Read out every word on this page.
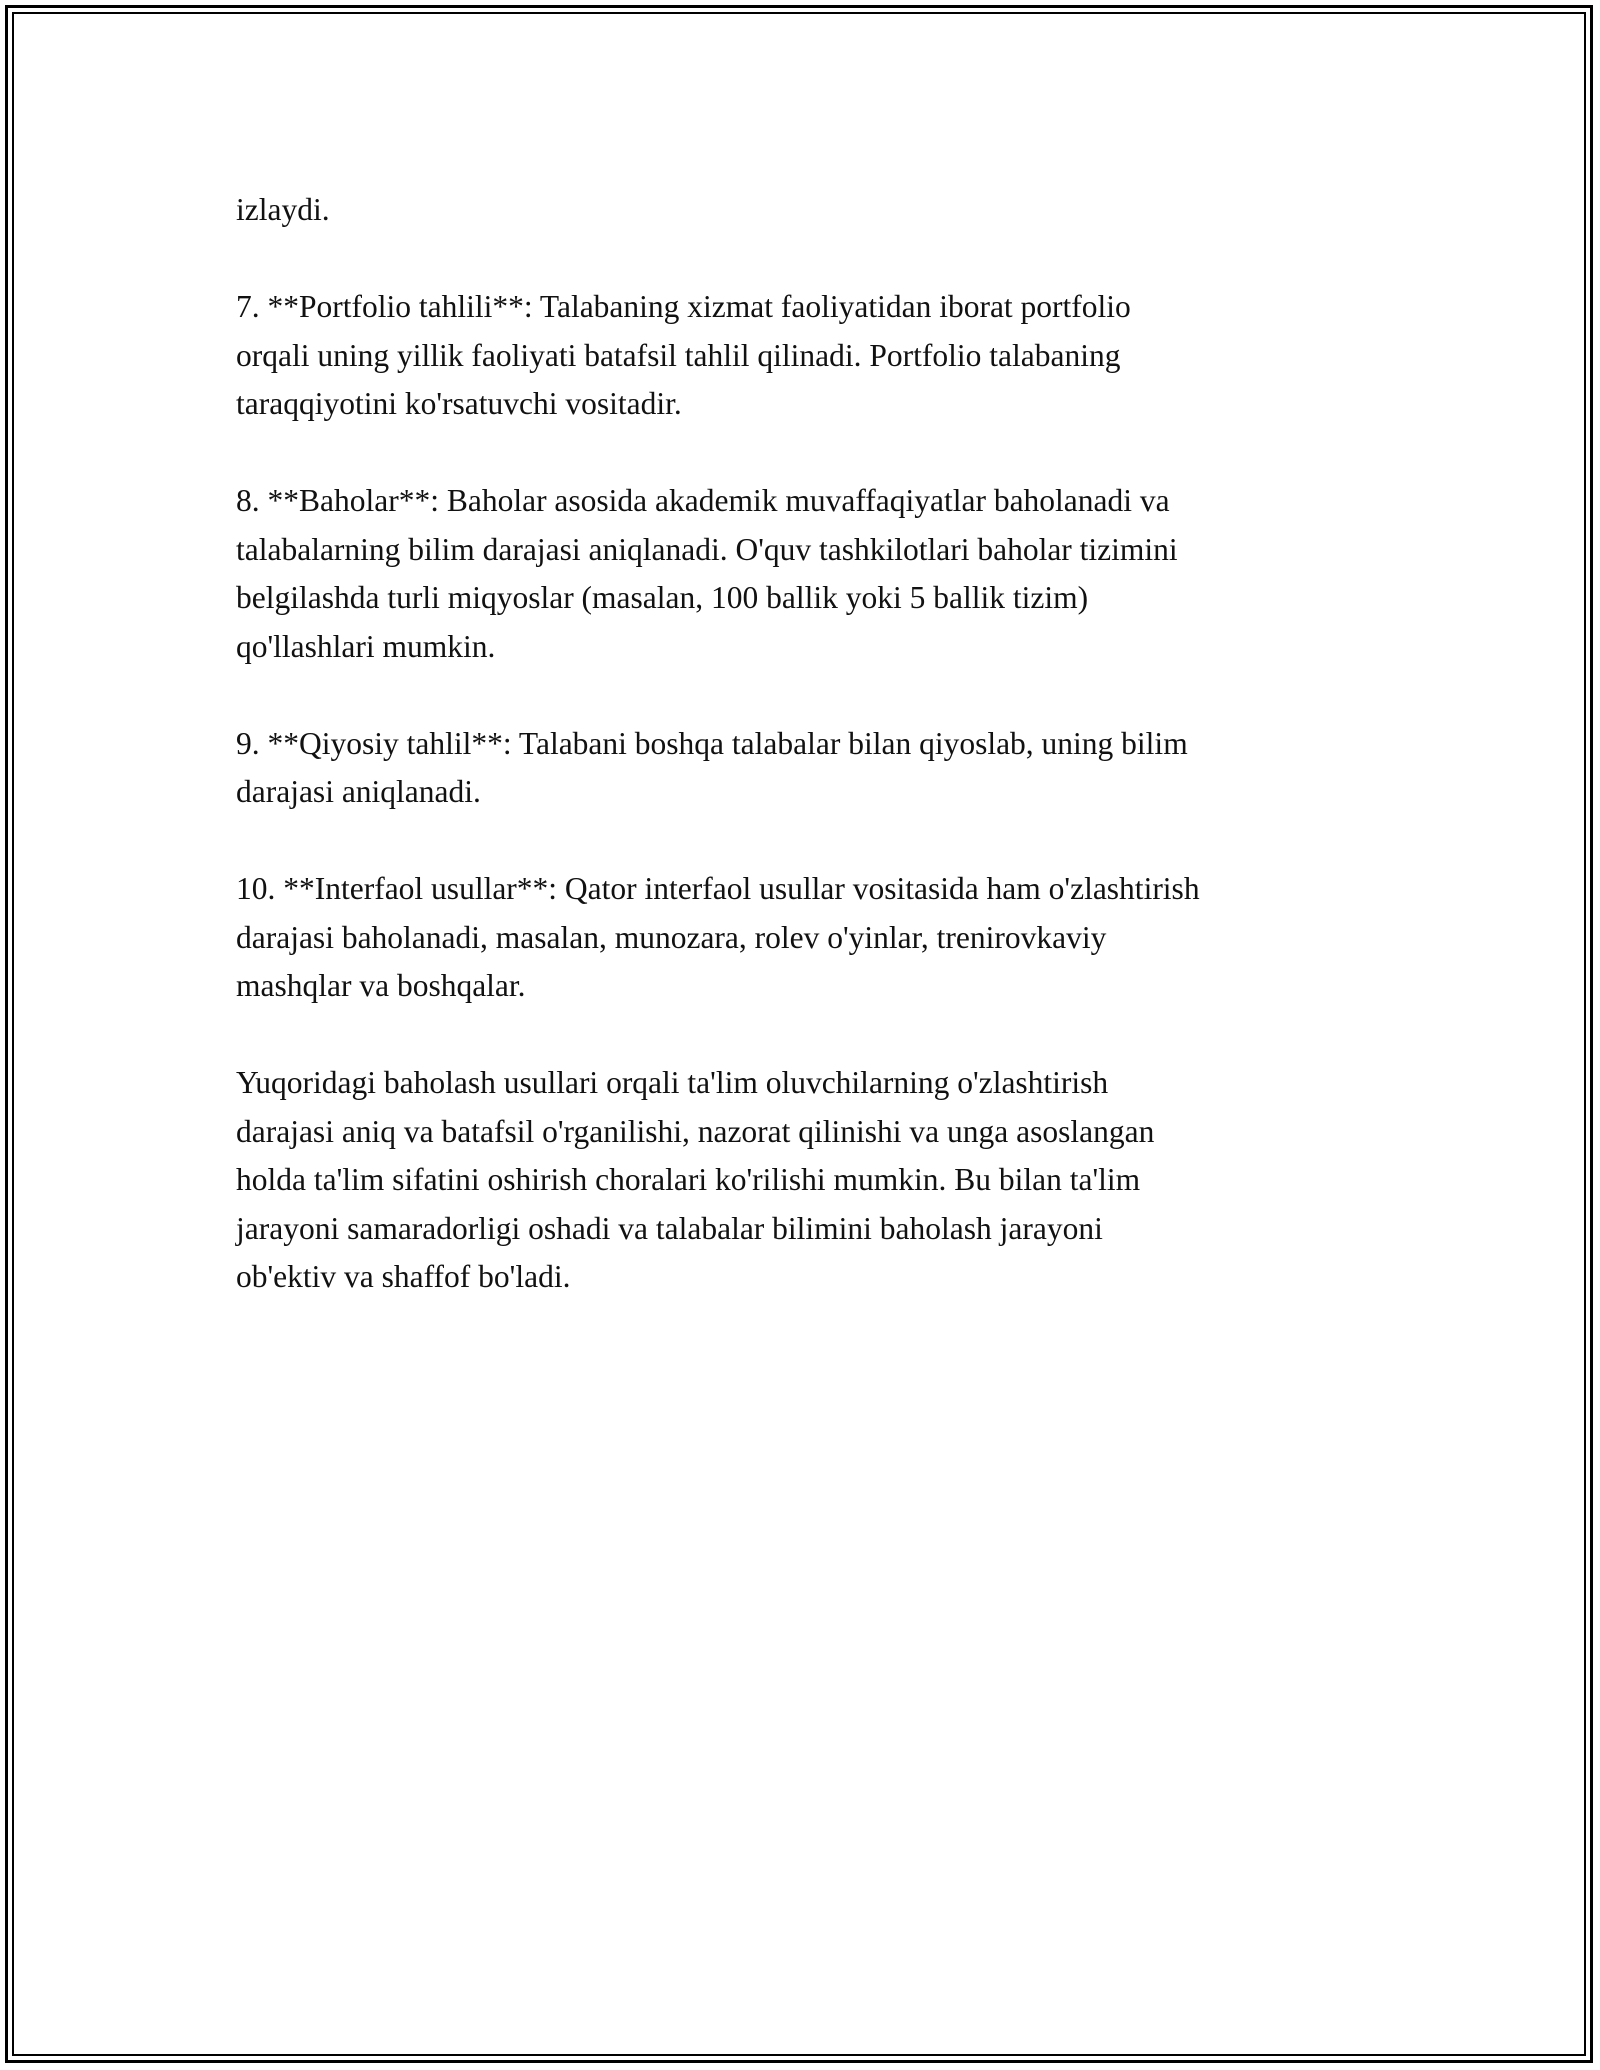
izlaydi.

7. **Portfolio tahlili**: Talabaning xizmat faoliyatidan iborat portfolio
orqali uning yillik faoliyati batafsil tahlil qilinadi. Portfolio talabaning
taraqqiyotini ko'rsatuvchi vositadir.

8. **Baholar**: Baholar asosida akademik muvaffaqiyatlar baholanadi va
talabalarning bilim darajasi aniqlanadi. O'quv tashkilotlari baholar tizimini
belgilashda turli miqyoslar (masalan, 100 ballik yoki 5 ballik tizim)
qo'llashlari mumkin.

9. **Qiyosiy tahlil**: Talabani boshqa talabalar bilan qiyoslab, uning bilim
darajasi aniqlanadi.

10. **Interfaol usullar**: Qator interfaol usullar vositasida ham o'zlashtirish
darajasi baholanadi, masalan, munozara, rolev o'yinlar, trenirovkaviy
mashqlar va boshqalar.

Yuqoridagi baholash usullari orqali ta'lim oluvchilarning o'zlashtirish
darajasi aniq va batafsil o'rganilishi, nazorat qilinishi va unga asoslangan
holda ta'lim sifatini oshirish choralari ko'rilishi mumkin. Bu bilan ta'lim
jarayoni samaradorligi oshadi va talabalar bilimini baholash jarayoni
ob'ektiv va shaffof bo'ladi.
